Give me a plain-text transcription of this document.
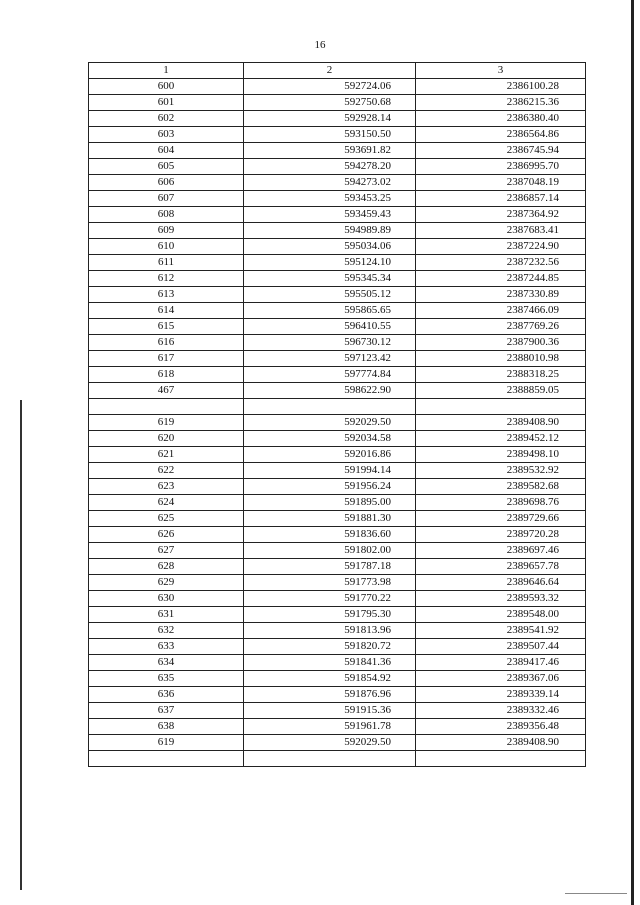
16
1	2	3
600	592724.06	2386100.28
601	592750.68	2386215.36
602	592928.14	2386380.40
603	593150.50	2386564.86
604	593691.82	2386745.94
605	594278.20	2386995.70
606	594273.02	2387048.19
607	593453.25	2386857.14
608	593459.43	2387364.92
609	594989.89	2387683.41
610	595034.06	2387224.90
611	595124.10	2387232.56
612	595345.34	2387244.85
613	595505.12	2387330.89
614	595865.65	2387466.09
615	596410.55	2387769.26
616	596730.12	2387900.36
617	597123.42	2388010.98
618	597774.84	2388318.25
467	598622.90	2388859.05

619	592029.50	2389408.90
620	592034.58	2389452.12
621	592016.86	2389498.10
622	591994.14	2389532.92
623	591956.24	2389582.68
624	591895.00	2389698.76
625	591881.30	2389729.66
626	591836.60	2389720.28
627	591802.00	2389697.46
628	591787.18	2389657.78
629	591773.98	2389646.64
630	591770.22	2389593.32
631	591795.30	2389548.00
632	591813.96	2389541.92
633	591820.72	2389507.44
634	591841.36	2389417.46
635	591854.92	2389367.06
636	591876.96	2389339.14
637	591915.36	2389332.46
638	591961.78	2389356.48
619	592029.50	2389408.90
